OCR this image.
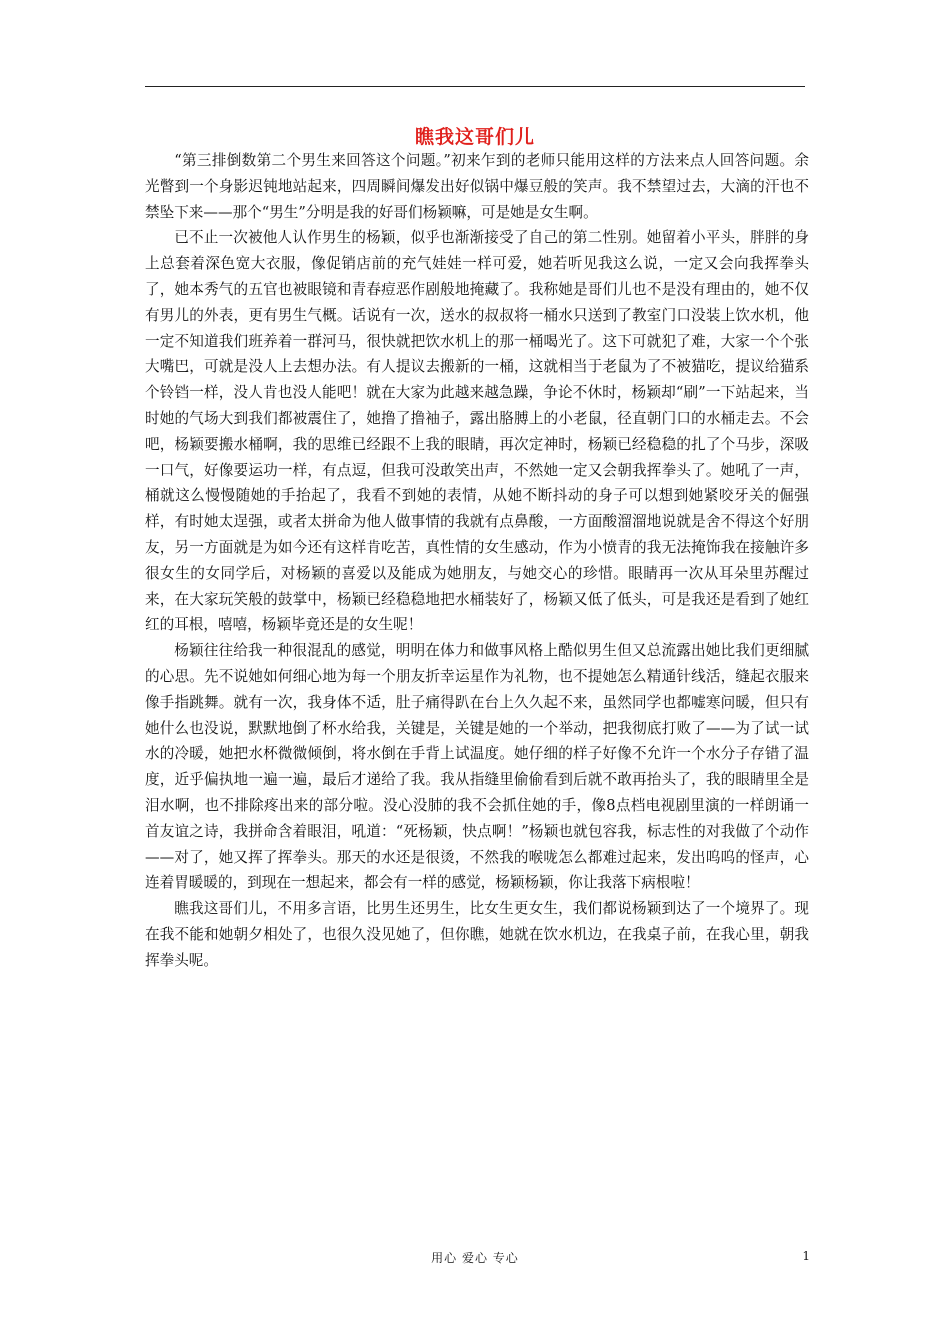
瞧我这哥们儿

“第三排倒数第二个男生来回答这个问题。”初来乍到的老师只能用这样的方法来点人回答问题。余光瞥到一个身影迟钝地站起来，四周瞬间爆发出好似锅中爆豆般的笑声。我不禁望过去，大滴的汗也不禁坠下来——那个“男生”分明是我的好哥们杨颖嘛，可是她是女生啊。

已不止一次被他人认作男生的杨颖，似乎也渐渐接受了自己的第二性别。她留着小平头，胖胖的身上总套着深色宽大衣服，像促销店前的充气娃娃一样可爱，她若听见我这么说，一定又会向我挥拳头了，她本秀气的五官也被眼镜和青春痘恶作剧般地掩藏了。我称她是哥们儿也不是没有理由的，她不仅有男儿的外表，更有男生气概。话说有一次，送水的叔叔将一桶水只送到了教室门口没装上饮水机，他一定不知道我们班养着一群河马，很快就把饮水机上的那一桶喝光了。这下可就犯了难，大家一个个张大嘴巴，可就是没人上去想办法。有人提议去搬新的一桶，这就相当于老鼠为了不被猫吃，提议给猫系个铃铛一样，没人肯也没人能吧！就在大家为此越来越急躁，争论不休时，杨颖却“刷”一下站起来，当时她的气场大到我们都被震住了，她撸了撸袖子，露出胳膊上的小老鼠，径直朝门口的水桶走去。不会吧，杨颖要搬水桶啊，我的思维已经跟不上我的眼睛，再次定神时，杨颖已经稳稳的扎了个马步，深吸一口气，好像要运功一样，有点逗，但我可没敢笑出声，不然她一定又会朝我挥拳头了。她吼了一声，桶就这么慢慢随她的手抬起了，我看不到她的表情，从她不断抖动的身子可以想到她紧咬牙关的倔强样，有时她太逞强，或者太拼命为他人做事情的我就有点鼻酸，一方面酸溜溜地说就是舍不得这个好朋友，另一方面就是为如今还有这样肯吃苦，真性情的女生感动，作为小愤青的我无法掩饰我在接触许多很女生的女同学后，对杨颖的喜爱以及能成为她朋友，与她交心的珍惜。眼睛再一次从耳朵里苏醒过来，在大家玩笑般的鼓掌中，杨颖已经稳稳地把水桶装好了，杨颖又低了低头，可是我还是看到了她红红的耳根，嘻嘻，杨颖毕竟还是的女生呢！

杨颖往往给我一种很混乱的感觉，明明在体力和做事风格上酷似男生但又总流露出她比我们更细腻的心思。先不说她如何细心地为每一个朋友折幸运星作为礼物，也不提她怎么精通针线活，缝起衣服来像手指跳舞。就有一次，我身体不适，肚子痛得趴在台上久久起不来，虽然同学也都嘘寒问暖，但只有她什么也没说，默默地倒了杯水给我，关键是，关键是她的一个举动，把我彻底打败了——为了试一试水的冷暖，她把水杯微微倾倒，将水倒在手背上试温度。她仔细的样子好像不允许一个水分子存错了温度，近乎偏执地一遍一遍，最后才递给了我。我从指缝里偷偷看到后就不敢再抬头了，我的眼睛里全是泪水啊，也不排除疼出来的部分啦。没心没肺的我不会抓住她的手，像8点档电视剧里演的一样朗诵一首友谊之诗，我拼命含着眼泪，吼道：“死杨颖，快点啊！”杨颖也就包容我，标志性的对我做了个动作——对了，她又挥了挥拳头。那天的水还是很烫，不然我的喉咙怎么都难过起来，发出呜呜的怪声，心连着胃暖暖的，到现在一想起来，都会有一样的感觉，杨颖杨颖，你让我落下病根啦！

瞧我这哥们儿，不用多言语，比男生还男生，比女生更女生，我们都说杨颖到达了一个境界了。现在我不能和她朝夕相处了，也很久没见她了，但你瞧，她就在饮水机边，在我桌子前，在我心里，朝我挥拳头呢。

用心 爱心 专心	1
